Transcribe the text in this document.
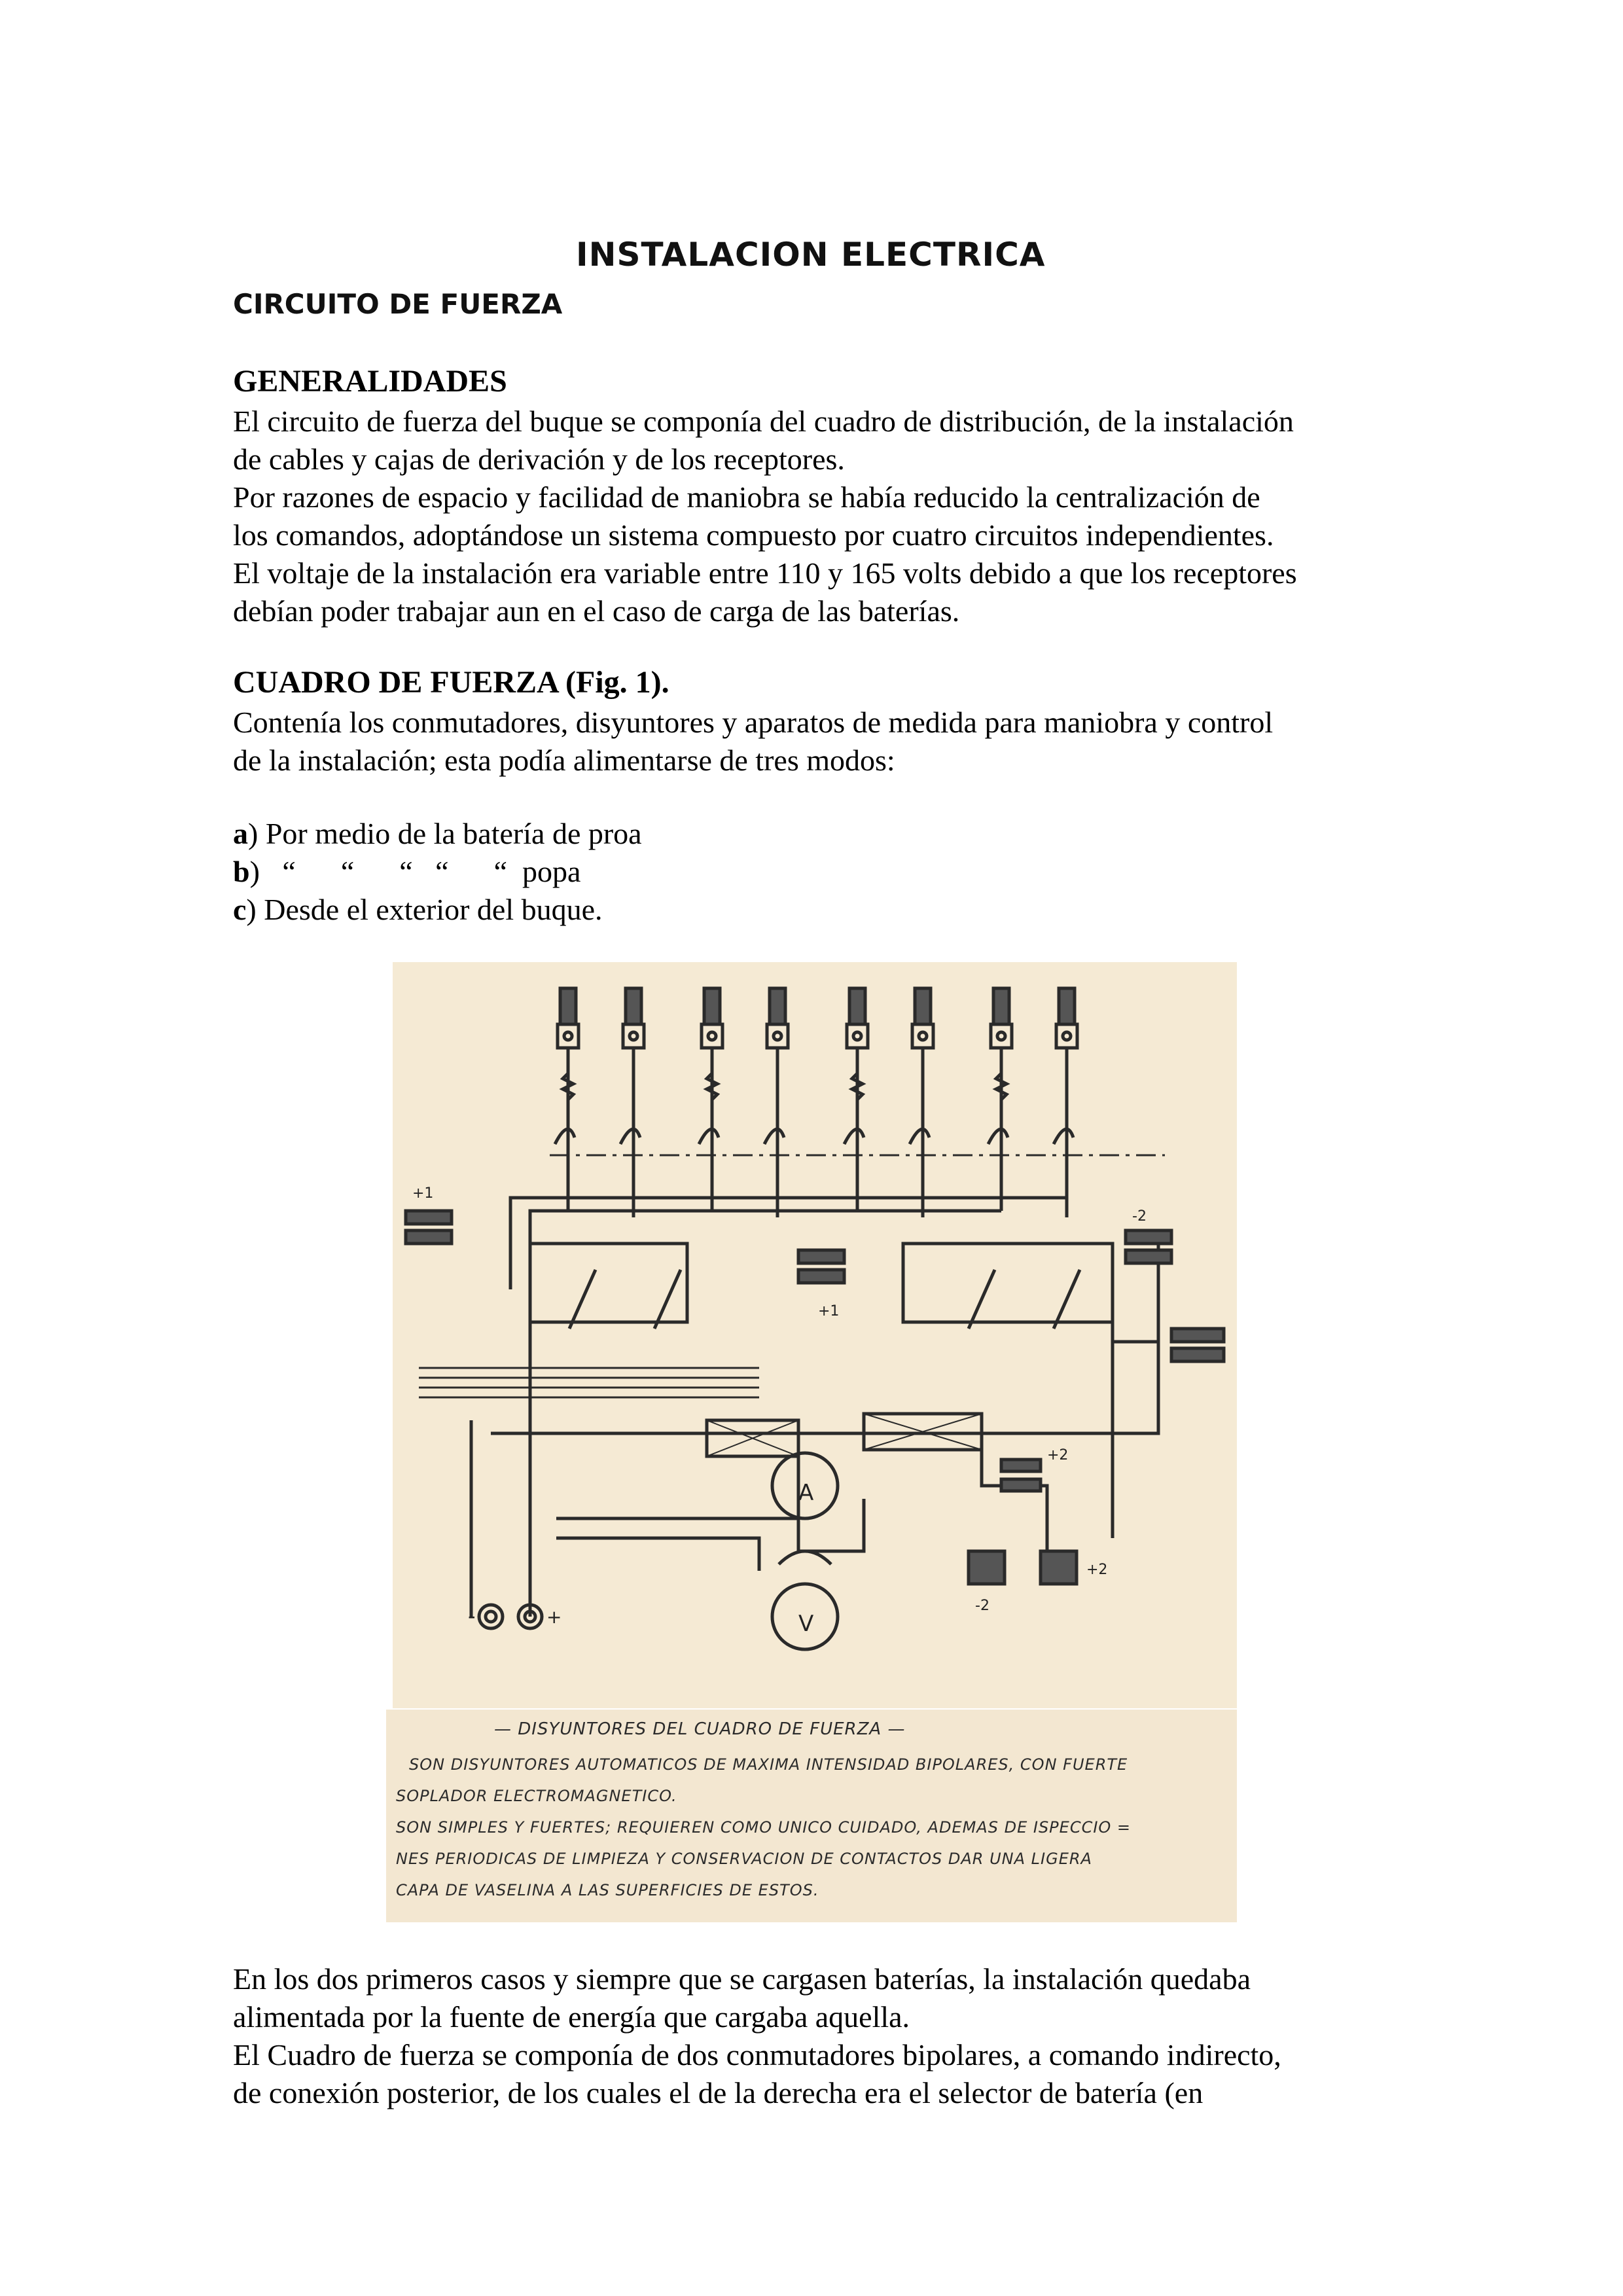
INSTALACION ELECTRICA
CIRCUITO DE FUERZA
GENERALIDADES

El circuito de fuerza del buque se componía del cuadro de distribución, de la instalación

de cables y cajas de derivación y de los receptores.

Por razones de espacio y facilidad de maniobra se había reducido la centralización de

los comandos, adoptándose un sistema compuesto por cuatro circuitos independientes.

El voltaje de la instalación era variable entre 110 y 165 volts debido a que los receptores

debían poder trabajar aun en el caso de carga de las baterías.

CUADRO DE FUERZA (Fig. 1).

Contenía los conmutadores, disyuntores y aparatos de medida para maniobra y control

de la instalación; esta podía alimentarse de tres modos:

a) Por medio de la batería de proa
b)   “      “      “   “      “  popa
c) Desde el exterior del buque.
+1
+1
-2
+2
+2
-2
A
V
-	+
— DISYUNTORES DEL CUADRO DE FUERZA —
SON DISYUNTORES AUTOMATICOS DE MAXIMA INTENSIDAD BIPOLARES, CON FUERTE
SOPLADOR ELECTROMAGNETICO.
SON SIMPLES Y FUERTES; REQUIEREN COMO UNICO CUIDADO, ADEMAS DE ISPECCIO =
NES PERIODICAS DE LIMPIEZA Y CONSERVACION DE CONTACTOS DAR UNA LIGERA
CAPA DE VASELINA A LAS SUPERFICIES DE ESTOS.

En los dos primeros casos y siempre que se cargasen baterías, la instalación quedaba

alimentada por la fuente de energía que cargaba aquella.

El Cuadro de fuerza se componía de dos conmutadores bipolares, a comando indirecto,

de conexión posterior, de los cuales el de la derecha era el selector de batería (en
